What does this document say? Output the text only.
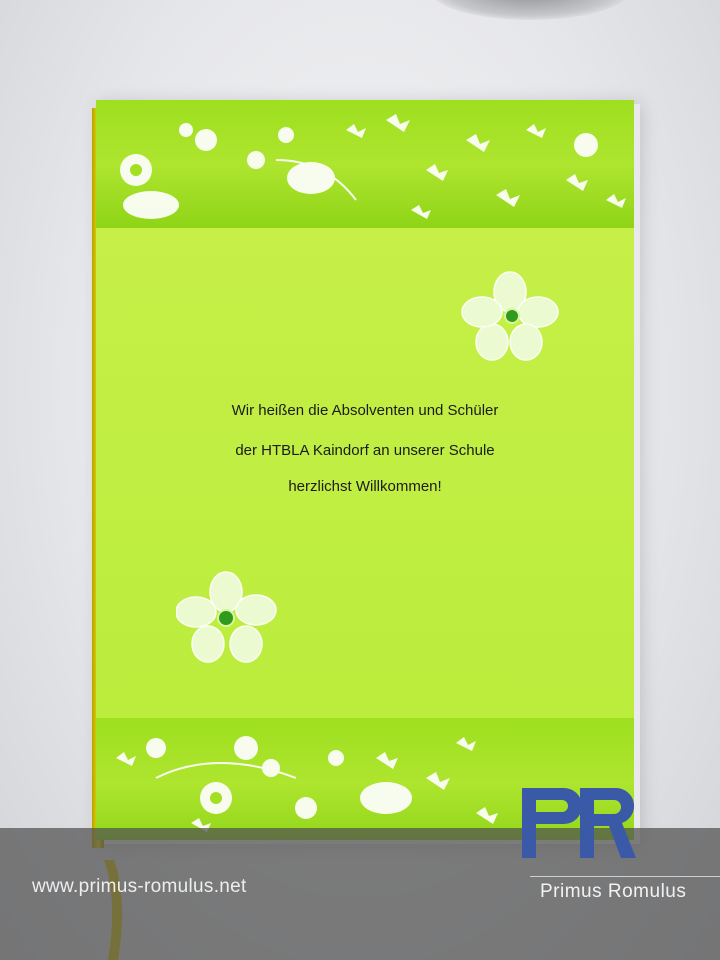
Wir heißen die Absolventen und Schüler
der HTBLA Kaindorf an unserer Schule
herzlichst Willkommen!
PR
www.primus-romulus.net	Primus Romulus
